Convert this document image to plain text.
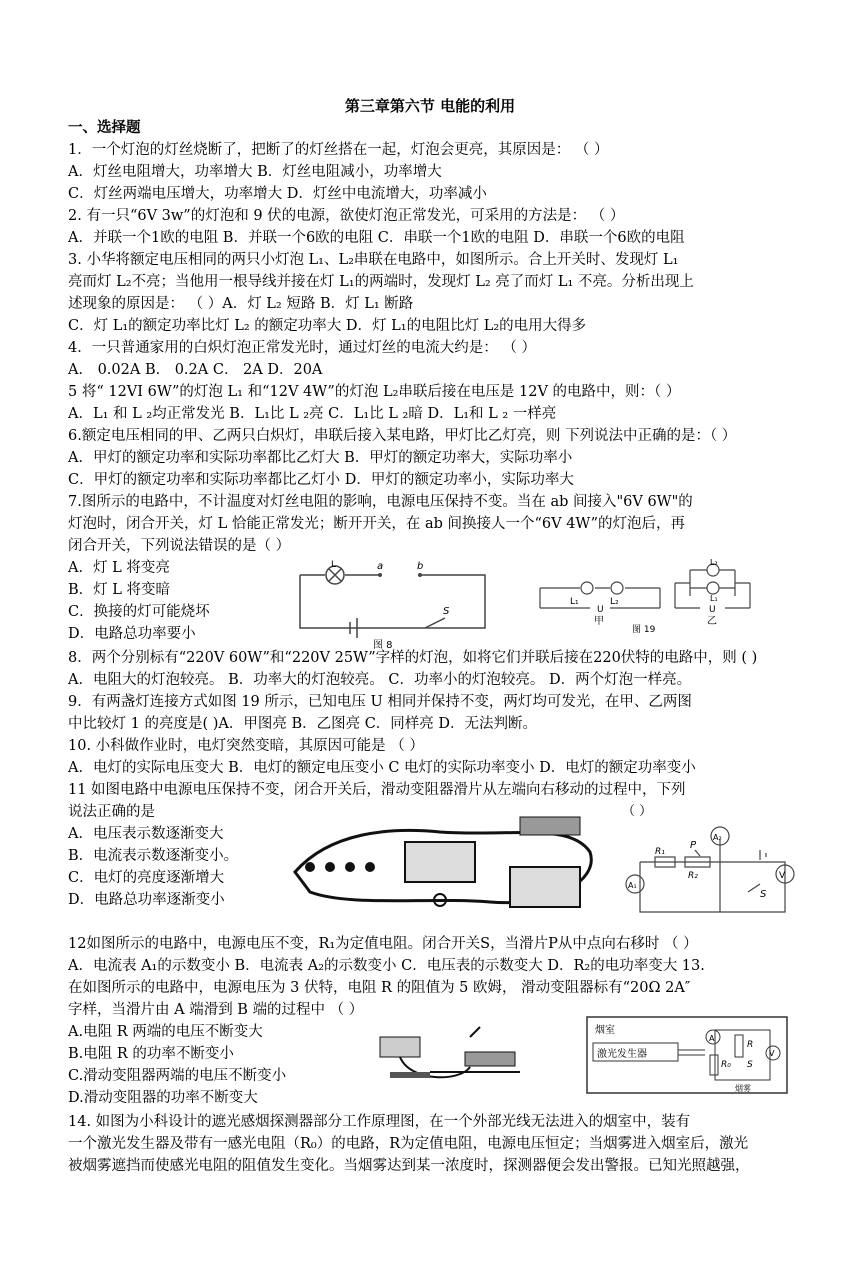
第三章第六节 电能的利用
一、选择题
1．一个灯泡的灯丝烧断了，把断了的灯丝搭在一起，灯泡会更亮，其原因是： （ ）
A．灯丝电阻增大，功率增大 B．灯丝电阻减小，功率增大
C．灯丝两端电压增大，功率增大 D．灯丝中电流增大，功率减小
2. 有一只“6V 3w”的灯泡和 9 伏的电源，欲使灯泡正常发光，可采用的方法是： （ ）
A．并联一个1欧的电阻 B．并联一个6欧的电阻 C．串联一个1欧的电阻 D．串联一个6欧的电阻
3. 小华将额定电压相同的两只小灯泡 L₁、L₂串联在电路中，如图所示。合上开关时、发现灯 L₁
亮而灯 L₂不亮；当他用一根导线并接在灯 L₁的两端时，发现灯 L₂ 亮了而灯 L₁ 不亮。分析出现上
述现象的原因是： （ ）A．灯 L₂ 短路 B．灯 L₁ 断路
C．灯 L₁的额定功率比灯 L₂ 的额定功率大 D．灯 L₁的电阻比灯 L₂的电用大得多
4．一只普通家用的白炽灯泡正常发光时，通过灯丝的电流大约是： （ ）
A． 0.02A B． 0.2A C． 2A D．20A
5 将“ 12VI 6W”的灯泡 L₁ 和“12V 4W”的灯泡 L₂串联后接在电压是 12V 的电路中，则：（ ）
A．L₁ 和 L ₂均正常发光 B．L₁比 L ₂亮 C．L₁比 L ₂暗 D．L₁和 L ₂ 一样亮
6.额定电压相同的甲、乙两只白炽灯，串联后接入某电路，甲灯比乙灯亮，则 下列说法中正确的是：（ ）
A．甲灯的额定功率和实际功率都比乙灯大 B．甲灯的额定功率大，实际功率小
C．甲灯的额定功率和实际功率都比乙灯小 D．甲灯的额定功率小，实际功率大
7.图所示的电路中，不计温度对灯丝电阻的影响，电源电压保持不变。当在 ab 间接入"6V 6W"的
灯泡时，闭合开关，灯 L 恰能正常发光；断开开关，在 ab 间换接人一个“6V 4W”的灯泡后，再
闭合开关，下列说法错误的是（ ）
A．灯 L 将变亮
B．灯 L 将变暗
C．换接的灯可能烧坏
D．电路总功率要小
8．两个分别标有“220V 60W”和“220V 25W”字样的灯泡，如将它们并联后接在220伏特的电路中，则 ( )
A．电阻大的灯泡较亮。 B．功率大的灯泡较亮。 C．功率小的灯泡较亮。 D．两个灯泡一样亮。
9．有两盏灯连接方式如图 19 所示，已知电压 U 相同并保持不变，两灯均可发光，在甲、乙两图
中比较灯 1 的亮度是( )A．甲图亮 B．乙图亮 C．同样亮 D．无法判断。
10. 小科做作业时，电灯突然变暗，其原因可能是 （ ）
A．电灯的实际电压变大 B．电灯的额定电压变小 C 电灯的实际功率变小 D．电灯的额定功率变小
11 如图电路中电源电压保持不变，闭合开关后，滑动变阻器滑片从左端向右移动的过程中，下列
说法正确的是
A．电压表示数逐渐变大
B．电流表示数逐渐变小。
C．电灯的亮度逐渐增大
D．电路总功率逐渐变小
12如图所示的电路中，电源电压不变，R₁为定值电阻。闭合开关S，当滑片P从中点向右移时 （ ）
A．电流表 A₁的示数变小 B．电流表 A₂的示数变小 C．电压表的示数变大 D．R₂的电功率变大 13.
在如图所示的电路中，电源电压为 3 伏特，电阻 R 的阻值为 5 欧姆， 滑动变阻器标有“20Ω 2A″
字样，当滑片由 A 端滑到 B 端的过程中 （ ）
A.电阻 R 两端的电压不断变大
B.电阻 R 的功率不断变小
C.滑动变阻器两端的电压不断变小
D.滑动变阻器的功率不断变大
14. 如图为小科设计的遮光感烟探测器部分工作原理图，在一个外部光线无法进入的烟室中，装有
一个激光发生器及带有一感光电阻（R₀）的电路，R为定值电阻，电源电压恒定；当烟雾进入烟室后，激光
被烟雾遮挡而使感光电阻的阻值发生变化。当烟雾达到某一浓度时，探测器便会发出警报。已知光照越强，
L	a	b
S
图 8
L₁	L₂
U
甲
L₂
L₁
U
乙
图 19
A₂
V
A₁
R₁
R₂
P
S
（ ）
烟室
激光发生器
A
R
R₀ S
V
烟雾
